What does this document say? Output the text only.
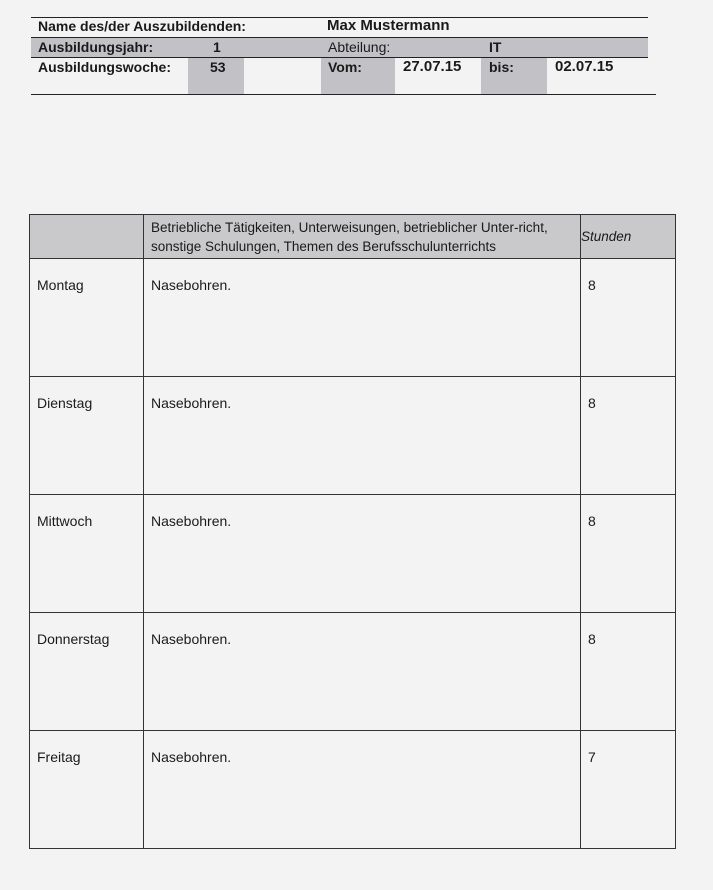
Name des/der Auszubildenden:	Max Mustermann
Ausbildungsjahr:	1	Abteilung:	IT
Ausbildungswoche:	53	Vom:	27.07.15 bis:	02.07.15

	Betriebliche Tätigkeiten, Unterweisungen, betrieblicher Unter-richt, sonstige Schulungen, Themen des Berufsschulunterrichts	Stunden

Montag	Nasebohren.	8

Dienstag	Nasebohren.	8

Mittwoch	Nasebohren.	8

Donnerstag	Nasebohren.	8

Freitag	Nasebohren.	7
